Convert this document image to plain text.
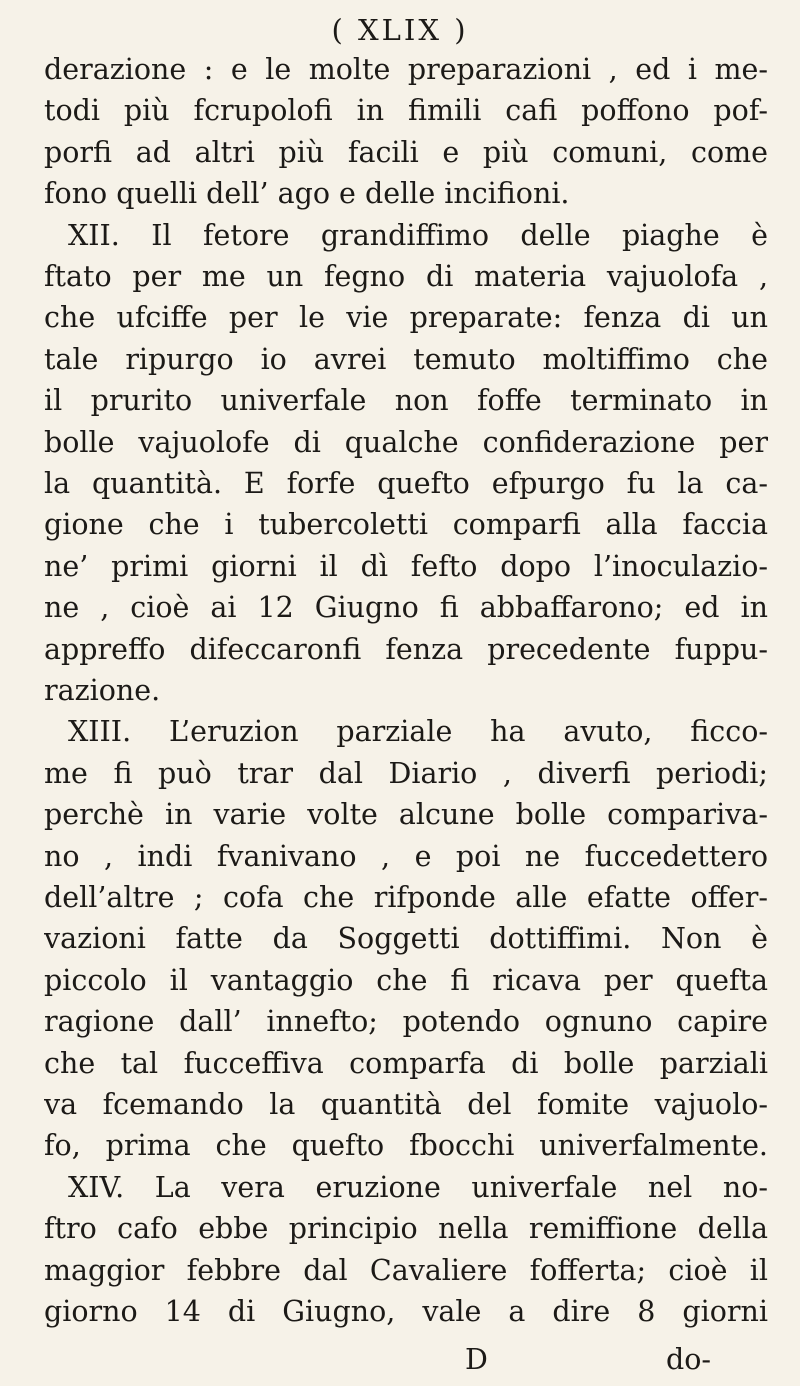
( XLIX )
derazione : e le molte preparazioni , ed i me-
todi più fcrupolofi in fimili cafi poffono pof-
porfi ad altri più facili e più comuni, come
fono quelli dell’ ago e delle incifioni.
XII. Il fetore grandiffimo delle piaghe è
ftato per me un fegno di materia vajuolofa ,
che ufciffe per le vie preparate: fenza di un
tale ripurgo io avrei temuto moltiffimo che
il prurito univerfale non foffe terminato in
bolle vajuolofe di qualche confiderazione per
la quantità. E forfe quefto efpurgo fu la ca-
gione che i tubercoletti comparfi alla faccia
ne’ primi giorni il dì fefto dopo l’inoculazio-
ne , cioè ai 12 Giugno fi abbaffarono; ed in
appreffo difeccaronfi fenza precedente fuppu-
razione.
XIII. L’eruzion parziale ha avuto, ficco-
me fi può trar dal Diario , diverfi periodi;
perchè in varie volte alcune bolle compariva-
no , indi fvanivano , e poi ne fuccedettero
dell’altre ; cofa che rifponde alle efatte offer-
vazioni fatte da Soggetti dottiffimi. Non è
piccolo il vantaggio che fi ricava per quefta
ragione dall’ innefto; potendo ognuno capire
che tal fucceffiva comparfa di bolle parziali
va fcemando la quantità del fomite vajuolo-
fo, prima che quefto fbocchi univerfalmente.
XIV. La vera eruzione univerfale nel no-
ftro cafo ebbe principio nella remiffione della
maggior febbre dal Cavaliere fofferta; cioè il
giorno 14 di Giugno, vale a dire 8 giorni
D	do-
